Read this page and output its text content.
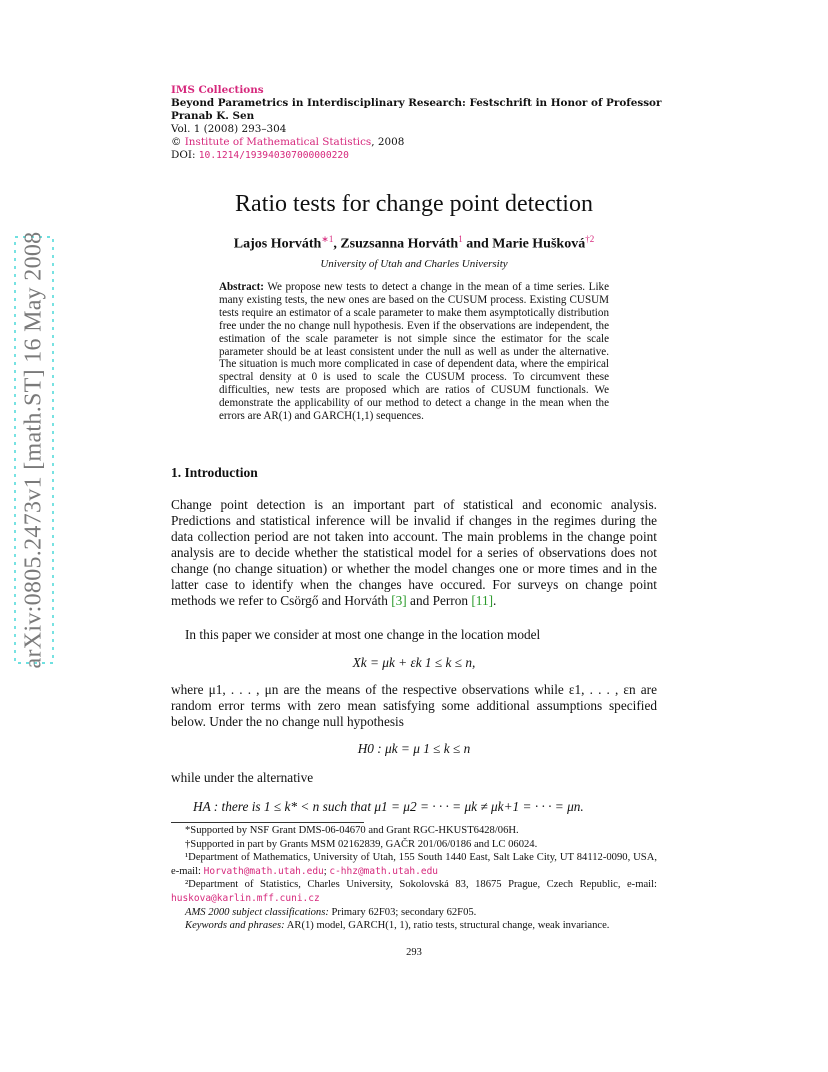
arXiv:0805.2473v1 [math.ST] 16 May 2008
IMS Collections
Beyond Parametrics in Interdisciplinary Research: Festschrift in Honor of Professor Pranab K. Sen
Vol. 1 (2008) 293–304
© Institute of Mathematical Statistics, 2008
DOI: 10.1214/193940307000000220
Ratio tests for change point detection
Lajos Horváth$^{∗1}$, Zsuzsanna Horváth$^1$ and Marie Hušková$^{\dagger 2}$
University of Utah and Charles University
Abstract: We propose new tests to detect a change in the mean of a time series. Like many existing tests, the new ones are based on the CUSUM process. Existing CUSUM tests require an estimator of a scale parameter to make them asymptotically distribution free under the no change null hypothesis. Even if the observations are independent, the estimation of the scale parameter is not simple since the estimator for the scale parameter should be at least consistent under the null as well as under the alternative. The situation is much more complicated in case of dependent data, where the empirical spectral density at 0 is used to scale the CUSUM process. To circumvent these difficulties, new tests are proposed which are ratios of CUSUM functionals. We demonstrate the applicability of our method to detect a change in the mean when the errors are AR(1) and GARCH(1,1) sequences.
1. Introduction
Change point detection is an important part of statistical and economic analysis. Predictions and statistical inference will be invalid if changes in the regimes during the data collection period are not taken into account. The main problems in the change point analysis are to decide whether the statistical model for a series of observations does not change (no change situation) or whether the model changes one or more times and in the latter case to identify when the changes have occured. For surveys on change point methods we refer to Csörgő and Horváth [3] and Perron [11].
In this paper we consider at most one change in the location model
Xk = μk + εk 1 ≤ k ≤ n,
where μ1, . . . , μn are the means of the respective observations while ε1, . . . , εn are random error terms with zero mean satisfying some additional assumptions specified below. Under the no change null hypothesis
H0 : μk = μ 1 ≤ k ≤ n
while under the alternative
HA : there is 1 ≤ k* < n such that μ1 = μ2 = · · · = μk ≠ μk+1 = · · · = μn.
*Supported by NSF Grant DMS-06-04670 and Grant RGC-HKUST6428/06H.
†Supported in part by Grants MSM 02162839, GAČR 201/06/0186 and LC 06024.
¹Department of Mathematics, University of Utah, 155 South 1440 East, Salt Lake City, UT 84112-0090, USA, e-mail: Horvath@math.utah.edu; c-hhz@math.utah.edu
²Department of Statistics, Charles University, Sokolovská 83, 18675 Prague, Czech Republic, e-mail: huskova@karlin.mff.cuni.cz
AMS 2000 subject classifications: Primary 62F03; secondary 62F05.
Keywords and phrases: AR(1) model, GARCH(1, 1), ratio tests, structural change, weak invariance.
293
